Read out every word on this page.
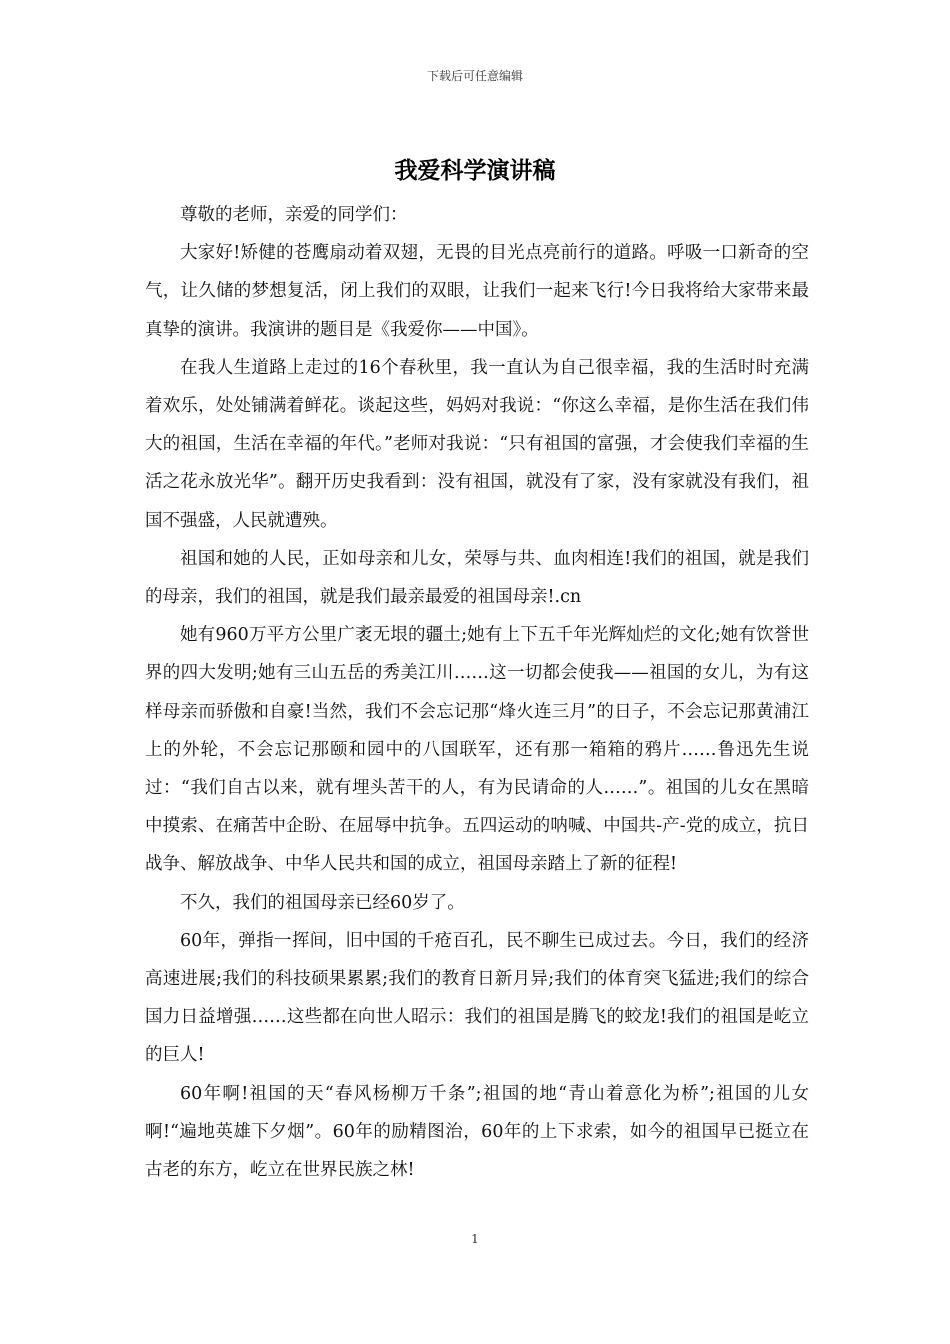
下载后可任意编辑
我爱科学演讲稿

尊敬的老师，亲爱的同学们：

大家好!矫健的苍鹰扇动着双翅，无畏的目光点亮前行的道路。呼吸一口新奇的空气，让久储的梦想复活，闭上我们的双眼，让我们一起来飞行!今日我将给大家带来最真挚的演讲。我演讲的题目是《我爱你——中国》。

在我人生道路上走过的16个春秋里，我一直认为自己很幸福，我的生活时时充满着欢乐，处处铺满着鲜花。谈起这些，妈妈对我说：“你这么幸福，是你生活在我们伟大的祖国，生活在幸福的年代。”老师对我说：“只有祖国的富强，才会使我们幸福的生活之花永放光华”。翻开历史我看到：没有祖国，就没有了家，没有家就没有我们，祖国不强盛，人民就遭殃。

祖国和她的人民，正如母亲和儿女，荣辱与共、血肉相连!我们的祖国，就是我们的母亲，我们的祖国，就是我们最亲最爱的祖国母亲!.cn

她有960万平方公里广袤无垠的疆土;她有上下五千年光辉灿烂的文化;她有饮誉世界的四大发明;她有三山五岳的秀美江川……这一切都会使我——祖国的女儿，为有这样母亲而骄傲和自豪!当然，我们不会忘记那“烽火连三月”的日子，不会忘记那黄浦江上的外轮，不会忘记那颐和园中的八国联军，还有那一箱箱的鸦片……鲁迅先生说过：“我们自古以来，就有埋头苦干的人，有为民请命的人……”。祖国的儿女在黑暗中摸索、在痛苦中企盼、在屈辱中抗争。五四运动的呐喊、中国共-产-党的成立，抗日战争、解放战争、中华人民共和国的成立，祖国母亲踏上了新的征程!

不久，我们的祖国母亲已经60岁了。

60年，弹指一挥间，旧中国的千疮百孔，民不聊生已成过去。今日，我们的经济高速进展;我们的科技硕果累累;我们的教育日新月异;我们的体育突飞猛进;我们的综合国力日益增强……这些都在向世人昭示：我们的祖国是腾飞的蛟龙!我们的祖国是屹立的巨人!

60年啊!祖国的天“春风杨柳万千条”;祖国的地“青山着意化为桥”;祖国的儿女啊!“遍地英雄下夕烟”。60年的励精图治，60年的上下求索，如今的祖国早已挺立在古老的东方，屹立在世界民族之林!

1
